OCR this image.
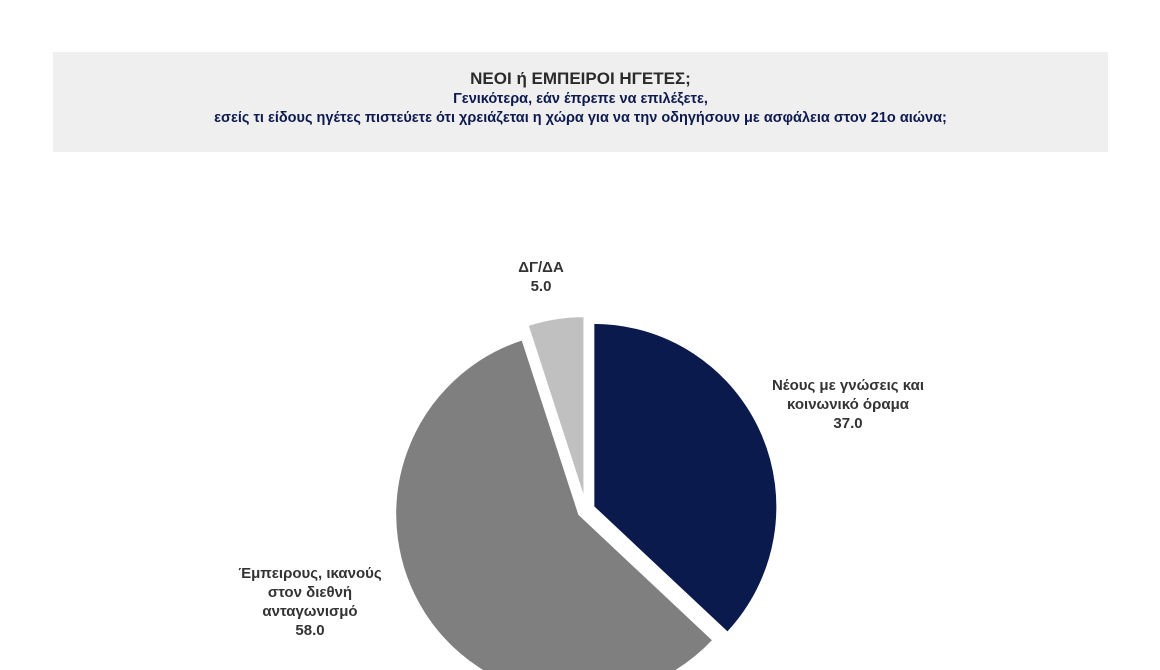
ΝΕΟΙ ή ΕΜΠΕΙΡΟΙ ΗΓΕΤΕΣ;
Γενικότερα, εάν έπρεπε να επιλέξετε,
εσείς τι είδους ηγέτες πιστεύετε ότι χρειάζεται η χώρα για να την οδηγήσουν με ασφάλεια στον 21ο αιώνα;
Νέους με γνώσεις και κοινωνικό όραμα 37.0
Έμπειρους, ικανούς στον διεθνή ανταγωνισμό 58.0
ΔΓ/ΔΑ 5.0
